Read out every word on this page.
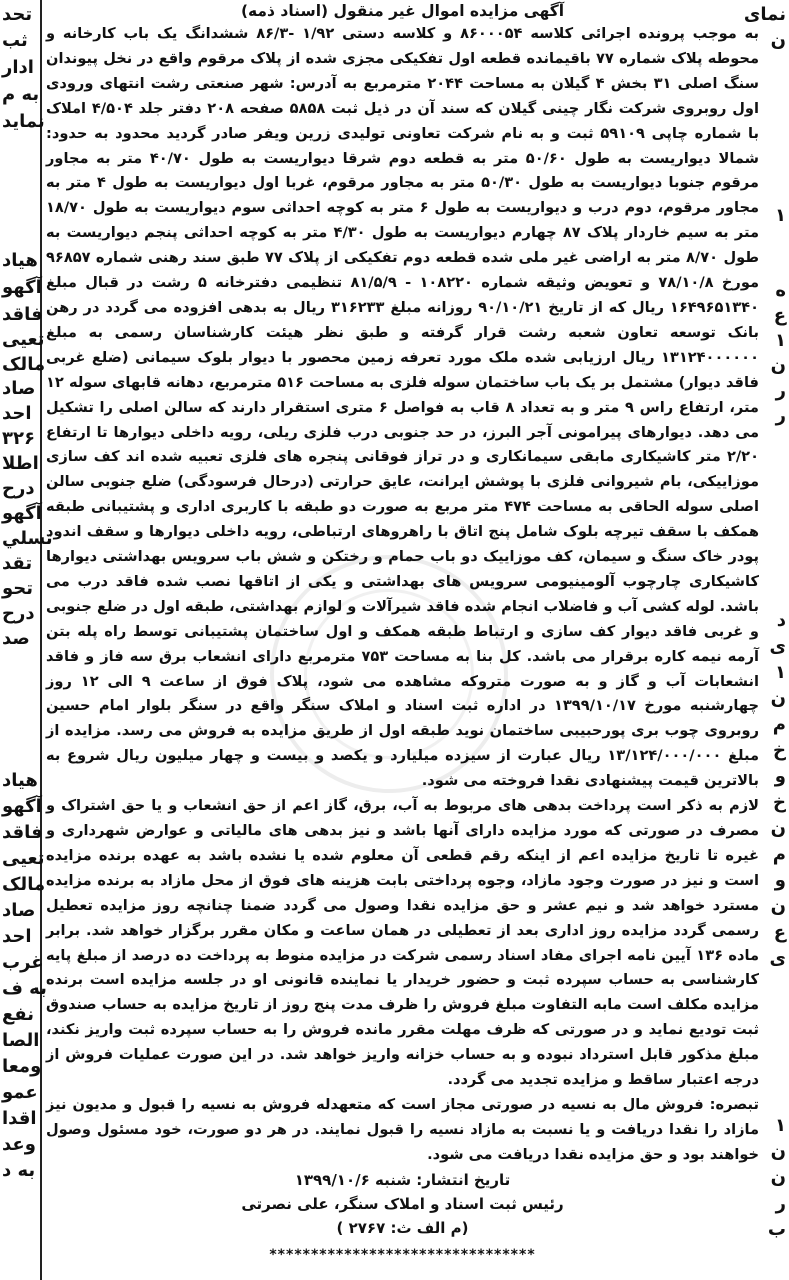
تحد
ثب
ادار
به م
نماید
هیاد
آگهو
فاقد
تعیی
مالک
صاد
احد
۳۲۶
اطلا
درح
آگهو
تسلي
تقد
تحو
درح
صد
هیاد
آگهو
فاقد
تعیی
مالک
صاد
احد
غرب
به ف
نفع
الصا
ومعا
عمو
اقدا
وعد
به د
نمای
ن
۱
ه
ع
۱
ن
ر
ر
د
ی
۱
ن
م
خ
و
خ
ن
م
و
ن
ع
ی
۱
ن
ن
ر
ب
آگهی مزایده اموال غیر منقول (اسناد ذمه)

به موجب پرونده اجرائی کلاسه ۸۶۰۰۰۵۴ و کلاسه دستی ۱/۹۲ -۸۶/۳ ششدانگ یک باب کارخانه و محوطه پلاک شماره ۷۷ باقیمانده قطعه اول تفکیکی مجزی شده از پلاک مرقوم واقع در نخل پیوندان سنگ اصلی ۳۱ بخش ۴ گیلان به مساحت ۲۰۴۴ مترمربع به آدرس: شهر صنعتی رشت انتهای ورودی اول روبروی شرکت نگار چینی گیلان که سند آن در ذیل ثبت ۵۸۵۸ صفحه ۲۰۸ دفتر جلد ۴/۵۰۴ املاک با شماره چاپی ۵۹۱۰۹ ثبت و به نام شرکت تعاونی تولیدی زرین ویفر صادر گردید محدود به حدود: شمالا دیواریست به طول ۵۰/۶۰ متر به قطعه دوم شرقا دیواریست به طول ۴۰/۷۰ متر به مجاور مرقوم جنوبا دیواریست به طول ۵۰/۳۰ متر به مجاور مرقوم، غربا اول دیواریست به طول ۴ متر به مجاور مرقوم، دوم درب و دیواریست به طول ۶ متر به کوچه احداثی سوم دیواریست به طول ۱۸/۷۰ متر به سیم خاردار پلاک ۸۷ چهارم دیواریست به طول ۴/۳۰ متر به کوچه احداثی پنجم دیواریست به طول ۸/۷۰ متر به اراضی غیر ملی شده قطعه دوم تفکیکی از پلاک ۷۷ طبق سند رهنی شماره ۹۶۸۵۷ مورخ ۷۸/۱۰/۸ و تعویض وثیقه شماره ۱۰۸۲۲۰ - ۸۱/۵/۹ تنظیمی دفترخانه ۵ رشت در قبال مبلغ ۱۶۴۹۶۵۱۳۴۰ ریال که از تاریخ ۹۰/۱۰/۲۱ روزانه مبلغ ۳۱۶۲۳۳ ریال به بدهی افزوده می گردد در رهن بانک توسعه تعاون شعبه رشت قرار گرفته و طبق نظر هیئت کارشناسان رسمی به مبلغ ۱۳۱۲۴۰۰۰۰۰۰ ریال ارزیابی شده ملک مورد تعرفه زمین محصور با دیوار بلوک سیمانی (ضلع غربی فاقد دیوار) مشتمل بر یک باب ساختمان سوله فلزی به مساحت ۵۱۶ مترمربع، دهانه قابهای سوله ۱۲ متر، ارتفاع راس ۹ متر و به تعداد ۸ قاب به فواصل ۶ متری استقرار دارند که سالن اصلی را تشکیل می دهد. دیوارهای پیرامونی آجر البرز، در حد جنوبی درب فلزی ریلی، رویه داخلی دیوارها تا ارتفاع ۲/۲۰ متر کاشیکاری مابقی سیمانکاری و در تراز فوقانی پنجره های فلزی تعبیه شده اند کف سازی موزاییکی، بام شیروانی فلزی با پوشش ایرانت، عایق حرارتی (درحال فرسودگی) ضلع جنوبی سالن اصلی سوله الحاقی به مساحت ۴۷۴ متر مربع به صورت دو طبقه با کاربری اداری و پشتیبانی طبقه همکف با سقف تیرچه بلوک شامل پنج اتاق با راهروهای ارتباطی، رویه داخلی دیوارها و سقف اندود پودر خاک سنگ و سیمان، کف موزاییک دو باب حمام و رختکن و شش باب سرویس بهداشتی دیوارها کاشیکاری چارچوب آلومینیومی سرویس های بهداشتی و یکی از اتاقها نصب شده فاقد درب می باشد. لوله کشی آب و فاضلاب انجام شده فاقد شیرآلات و لوازم بهداشتی، طبقه اول در ضلع جنوبی و غربی فاقد دیوار کف سازی و ارتباط طبقه همکف و اول ساختمان پشتیبانی توسط راه پله بتن آرمه نیمه کاره برقرار می باشد. کل بنا به مساحت ۷۵۳ مترمربع دارای انشعاب برق سه فاز و فاقد انشعابات آب و گاز و به صورت متروکه مشاهده می شود، پلاک فوق از ساعت ۹ الی ۱۲ روز چهارشنبه مورخ ۱۳۹۹/۱۰/۱۷ در اداره ثبت اسناد و املاک سنگر واقع در سنگر بلوار امام حسین روبروی چوب بری پورحبیبی ساختمان نوید طبقه اول از طریق مزایده به فروش می رسد. مزایده از مبلغ ۱۳/۱۲۴/۰۰۰/۰۰۰ ریال عبارت از سیزده میلیارد و یکصد و بیست و چهار میلیون ریال شروع به بالاترین قیمت پیشنهادی نقدا فروخته می شود.

لازم به ذکر است پرداخت بدهی های مربوط به آب، برق، گاز اعم از حق انشعاب و یا حق اشتراک و مصرف در صورتی که مورد مزایده دارای آنها باشد و نیز بدهی های مالیاتی و عوارض شهرداری و غیره تا تاریخ مزایده اعم از اینکه رقم قطعی آن معلوم شده یا نشده باشد به عهده برنده مزایده است و نیز در صورت وجود مازاد، وجوه پرداختی بابت هزینه های فوق از محل مازاد به برنده مزایده مسترد خواهد شد و نیم عشر و حق مزایده نقدا وصول می گردد ضمنا چنانچه روز مزایده تعطیل رسمی گردد مزایده روز اداری بعد از تعطیلی در همان ساعت و مکان مقرر برگزار خواهد شد. برابر ماده ۱۳۶ آیین نامه اجرای مفاد اسناد رسمی شرکت در مزایده منوط به پرداخت ده درصد از مبلغ پایه کارشناسی به حساب سپرده ثبت و حضور خریدار یا نماینده قانونی او در جلسه مزایده است برنده مزایده مکلف است مابه التفاوت مبلغ فروش را ظرف مدت پنج روز از تاریخ مزایده به حساب صندوق ثبت تودیع نماید و در صورتی که ظرف مهلت مقرر مانده فروش را به حساب سپرده ثبت واریز نکند، مبلغ مذکور قابل استرداد نبوده و به حساب خزانه واریز خواهد شد. در این صورت عملیات فروش از درجه اعتبار ساقط و مزایده تجدید می گردد.

تبصره: فروش مال به نسیه در صورتی مجاز است که متعهدله فروش به نسیه را قبول و مدیون نیز مازاد را نقدا دریافت و یا نسبت به مازاد نسیه را قبول نمایند. در هر دو صورت، خود مسئول وصول خواهند بود و حق مزایده نقدا دریافت می شود.

تاریخ انتشار: شنبه ۱۳۹۹/۱۰/۶
رئیس ثبت اسناد و املاک سنگر، علی نصرتی
(م الف ث: ۲۷۶۷ )
********************************
